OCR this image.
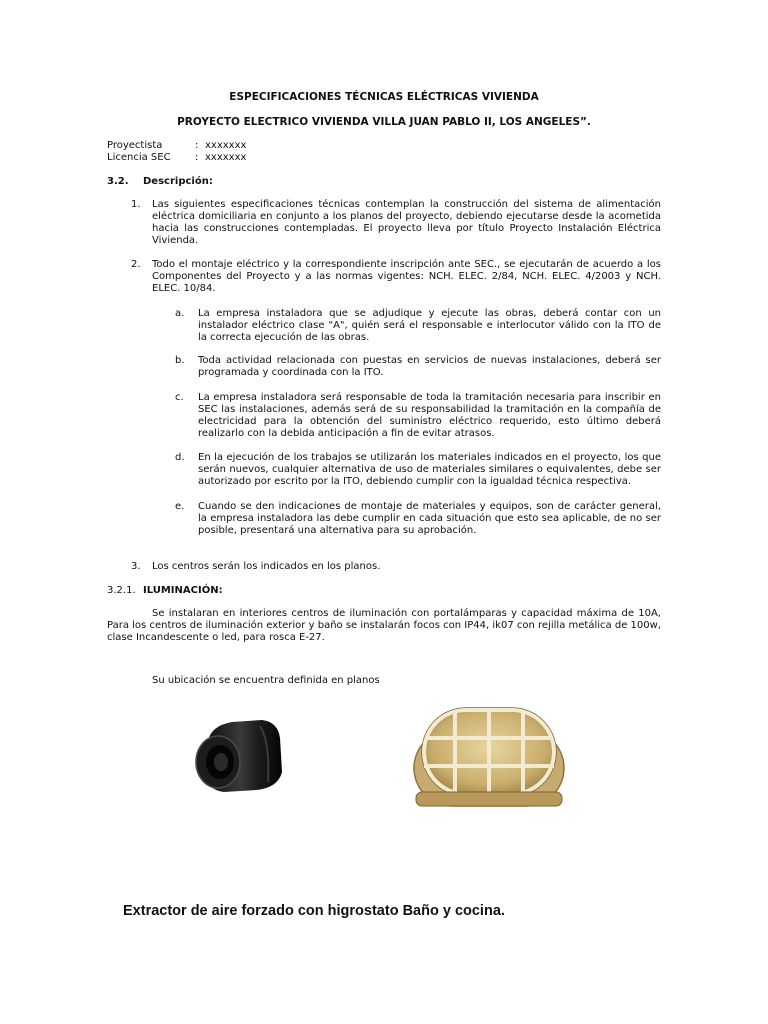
ESPECIFICACIONES TÉCNICAS ELÉCTRICAS VIVIENDA
PROYECTO ELECTRICO VIVIENDA VILLA JUAN PABLO II, LOS ANGELES”.
Proyectista	: xxxxxxx
Licencia SEC : xxxxxxx
3.2. Descripción:
1. Las siguientes especificaciones técnicas contemplan la construcción del sistema de alimentación eléctrica domiciliaria en conjunto a los planos del proyecto, debiendo ejecutarse desde la acometida hacia las construcciones contempladas. El proyecto lleva por título Proyecto Instalación Eléctrica Vivienda.
2. Todo el montaje eléctrico y la correspondiente inscripción ante SEC., se ejecutarán de acuerdo a los Componentes del Proyecto y a las normas vigentes: NCH. ELEC. 2/84, NCH. ELEC. 4/2003 y NCH. ELEC. 10/84.
a. La empresa instaladora que se adjudique y ejecute las obras, deberá contar con un instalador eléctrico clase "A", quién será el responsable e interlocutor válido con la ITO de la correcta ejecución de las obras.
b. Toda actividad relacionada con puestas en servicios de nuevas instalaciones, deberá ser programada y coordinada con la ITO.
c. La empresa instaladora será responsable de toda la tramitación necesaria para inscribir en SEC las instalaciones, además será de su responsabilidad la tramitación en la compañía de electricidad para la obtención del suministro eléctrico requerido, esto último deberá realizarlo con la debida anticipación a fin de evitar atrasos.
d. En la ejecución de los trabajos se utilizarán los materiales indicados en el proyecto, los que serán nuevos, cualquier alternativa de uso de materiales similares o equivalentes, debe ser autorizado por escrito por la ITO, debiendo cumplir con la igualdad técnica respectiva.
e. Cuando se den indicaciones de montaje de materiales y equipos, son de carácter general, la empresa instaladora las debe cumplir en cada situación que esto sea aplicable, de no ser posible, presentará una alternativa para su aprobación.
3. Los centros serán los indicados en los planos.
3.2.1. ILUMINACIÓN:
Se instalaran en interiores centros de iluminación con portalámparas y capacidad máxima de 10A, Para los centros de iluminación exterior y baño se instalarán focos con IP44, ik07 con rejilla metálica de 100w, clase Incandescente o led, para rosca E-27.
Su ubicación se encuentra definida en planos
Extractor de aire forzado con higrostato Baño y cocina.
